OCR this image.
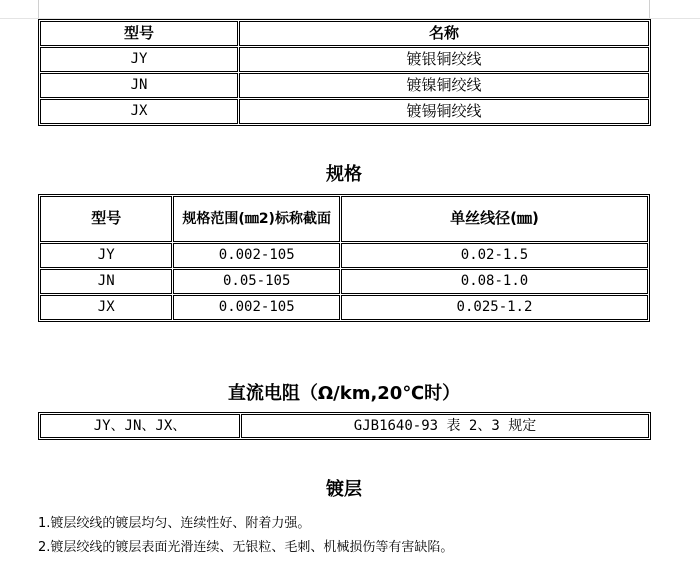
型号	名称
JY	镀银铜绞线
JN	镀镍铜绞线
JX	镀锡铜绞线
规格
型号	规格范围(㎜2)标称截面	单丝线径(㎜)
JY	0.002-105	0.02-1.5
JN	0.05-105	0.08-1.0
JX	0.002-105	0.025-1.2
直流电阻（Ω/km,20℃时）
JY、JN、JX、	GJB1640-93 表 2、3 规定
镀层

1.镀层绞线的镀层均匀、连续性好、附着力强。

2.镀层绞线的镀层表面光滑连续、无银粒、毛刺、机械损伤等有害缺陷。
